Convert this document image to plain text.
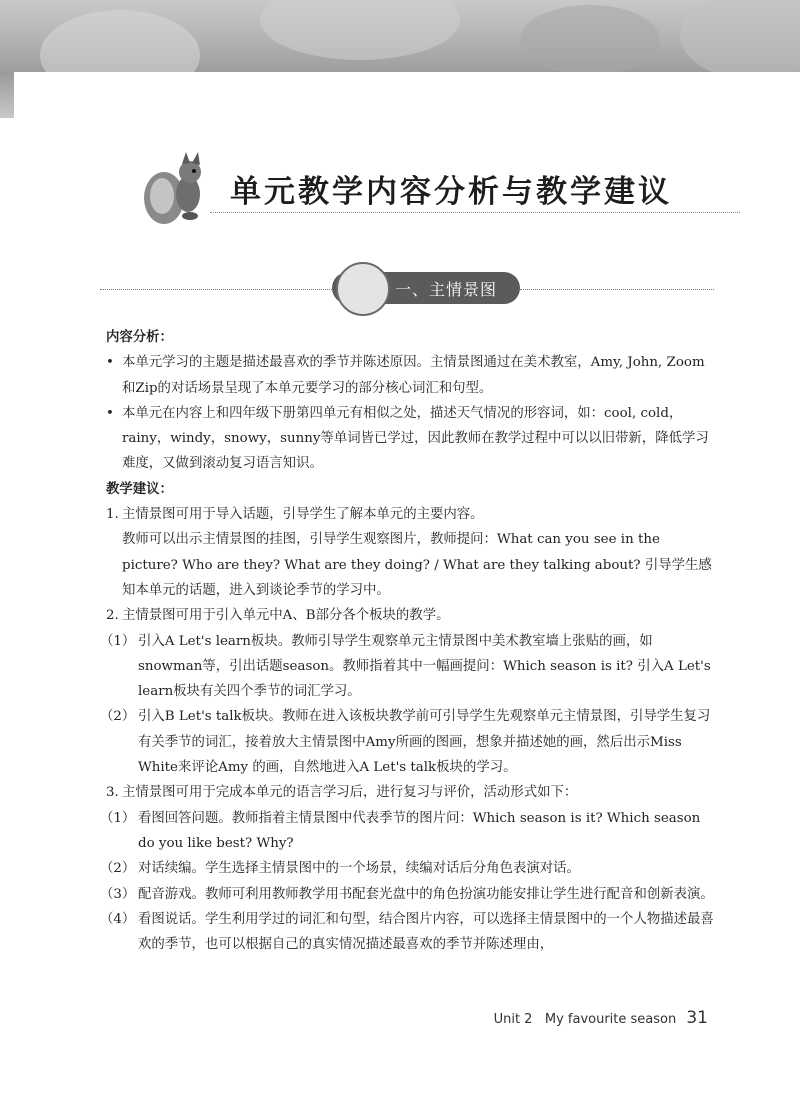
单元教学内容分析与教学建议
一、主情景图
内容分析：
• 本单元学习的主题是描述最喜欢的季节并陈述原因。主情景图通过在美术教室，Amy, John, Zoom和Zip的对话场景呈现了本单元要学习的部分核心词汇和句型。
• 本单元在内容上和四年级下册第四单元有相似之处，描述天气情况的形容词，如：cool, cold，rainy，windy，snowy，sunny等单词皆已学过，因此教师在教学过程中可以以旧带新，降低学习难度，又做到滚动复习语言知识。
教学建议：
1. 主情景图可用于导入话题，引导学生了解本单元的主要内容。
教师可以出示主情景图的挂图，引导学生观察图片，教师提问：What can you see in the picture? Who are they? What are they doing? / What are they talking about? 引导学生感知本单元的话题，进入到谈论季节的学习中。
2. 主情景图可用于引入单元中A、B部分各个板块的教学。
（1） 引入A Let's learn板块。教师引导学生观察单元主情景图中美术教室墙上张贴的画，如snowman等，引出话题season。教师指着其中一幅画提问：Which season is it? 引入A Let's learn板块有关四个季节的词汇学习。
（2） 引入B Let's talk板块。教师在进入该板块教学前可引导学生先观察单元主情景图，引导学生复习有关季节的词汇，接着放大主情景图中Amy所画的图画，想象并描述她的画，然后出示Miss White来评论Amy 的画，自然地进入A Let's talk板块的学习。
3. 主情景图可用于完成本单元的语言学习后，进行复习与评价，活动形式如下：
（1） 看图回答问题。教师指着主情景图中代表季节的图片问：Which season is it? Which season do you like best? Why?
（2） 对话续编。学生选择主情景图中的一个场景，续编对话后分角色表演对话。
（3） 配音游戏。教师可利用教师教学用书配套光盘中的角色扮演功能安排让学生进行配音和创新表演。
（4） 看图说话。学生利用学过的词汇和句型，结合图片内容，可以选择主情景图中的一个人物描述最喜欢的季节，也可以根据自己的真实情况描述最喜欢的季节并陈述理由，
Unit 2 My favourite season 31
